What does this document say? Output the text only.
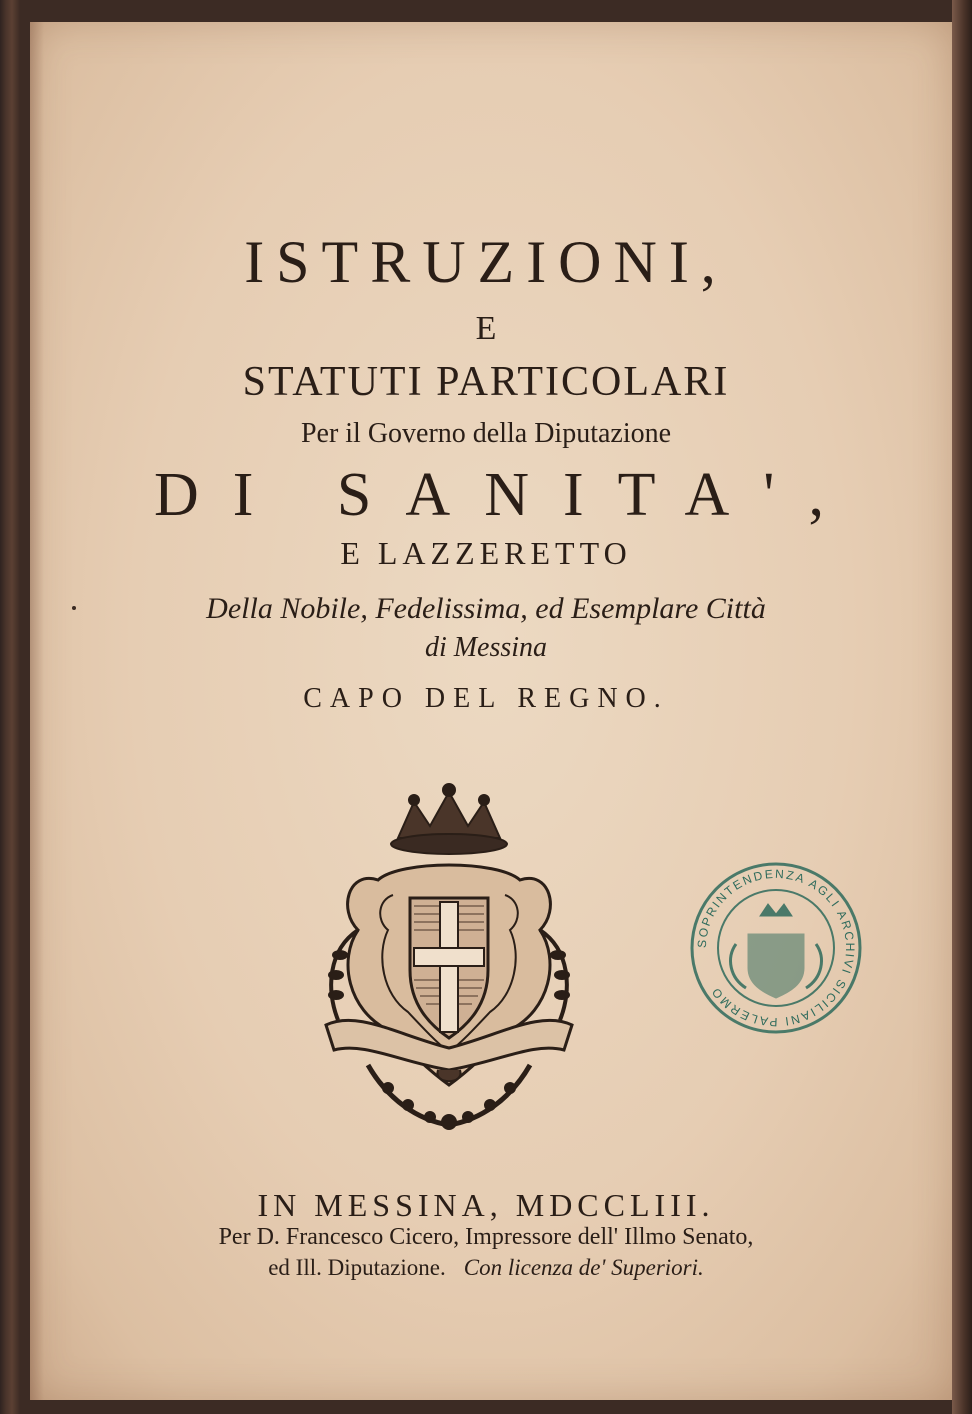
ISTRUZIONI,
E
STATUTI PARTICOLARI
Per il Governo della Diputazione
DI SANITA',
E LAZZERETTO
Della Nobile, Fedelissima, ed Esemplare Città
di Messina
CAPO DEL REGNO.
SOPRINTENDENZA AGLI ARCHIVI SICILIANI PALERMO
IN MESSINA, MDCCLIII.
Per D. Francesco Cicero, Impressore dell' Illmo Senato,
ed Ill. Diputazione. Con licenza de' Superiori.
